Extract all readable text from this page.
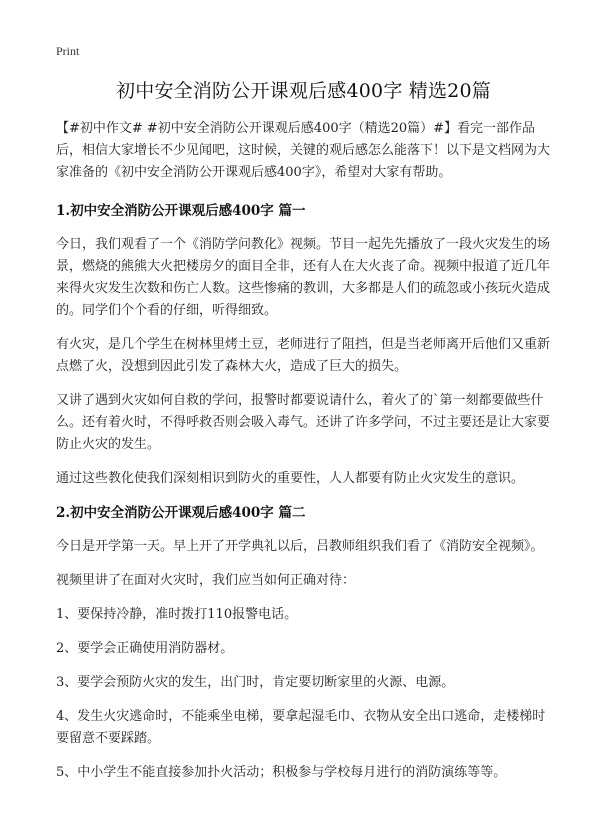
Print
初中安全消防公开课观后感400字 精选20篇

【#初中作文# #初中安全消防公开课观后感400字（精选20篇）#】看完一部作品后，相信大家增长不少见闻吧，这时候，关键的观后感怎么能落下！以下是文档网为大家准备的《初中安全消防公开课观后感400字》，希望对大家有帮助。

1.初中安全消防公开课观后感400字 篇一

今日，我们观看了一个《消防学问教化》视频。节目一起先先播放了一段火灾发生的场景，燃烧的熊熊大火把楼房夕的面目全非，还有人在大火丧了命。视频中报道了近几年来得火灾发生次数和伤亡人数。这些惨痛的教训，大多都是人们的疏忽或小孩玩火造成的。同学们个个看的仔细，听得细致。

有火灾，是几个学生在树林里烤土豆，老师进行了阻挡，但是当老师离开后他们又重新点燃了火，没想到因此引发了森林大火，造成了巨大的损失。

又讲了遇到火灾如何自救的学问，报警时都要说请什么，着火了的`第一刻都要做些什么。还有着火时，不得呼救否则会吸入毒气。还讲了许多学问，不过主要还是让大家要防止火灾的发生。

通过这些教化使我们深刻相识到防火的重要性，人人都要有防止火灾发生的意识。

2.初中安全消防公开课观后感400字 篇二

今日是开学第一天。早上开了开学典礼以后，吕教师组织我们看了《消防安全视频》。

视频里讲了在面对火灾时，我们应当如何正确对待：

1、要保持冷静，准时拨打110报警电话。

2、要学会正确使用消防器材。

3、要学会预防火灾的发生，出门时，肯定要切断家里的火源、电源。

4、发生火灾逃命时，不能乘坐电梯，要拿起湿毛巾、衣物从安全出口逃命，走楼梯时要留意不要踩踏。

5、中小学生不能直接参加扑火活动；积极参与学校每月进行的消防演练等等。
